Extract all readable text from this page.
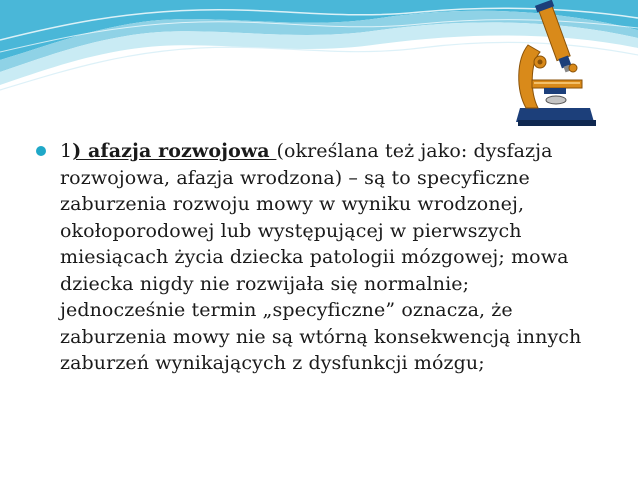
1) afazja rozwojowa (określana też jako: dysfazja
rozwojowa, afazja wrodzona) – są to specyficzne
zaburzenia rozwoju mowy w wyniku wrodzonej,
okołoporodowej lub występującej w pierwszych
miesiącach życia dziecka patologii mózgowej; mowa
dziecka nigdy nie rozwijała się normalnie;
jednocześnie termin „specyficzne” oznacza, że
zaburzenia mowy nie są wtórną konsekwencją innych
zaburzeń wynikających z dysfunkcji mózgu;
